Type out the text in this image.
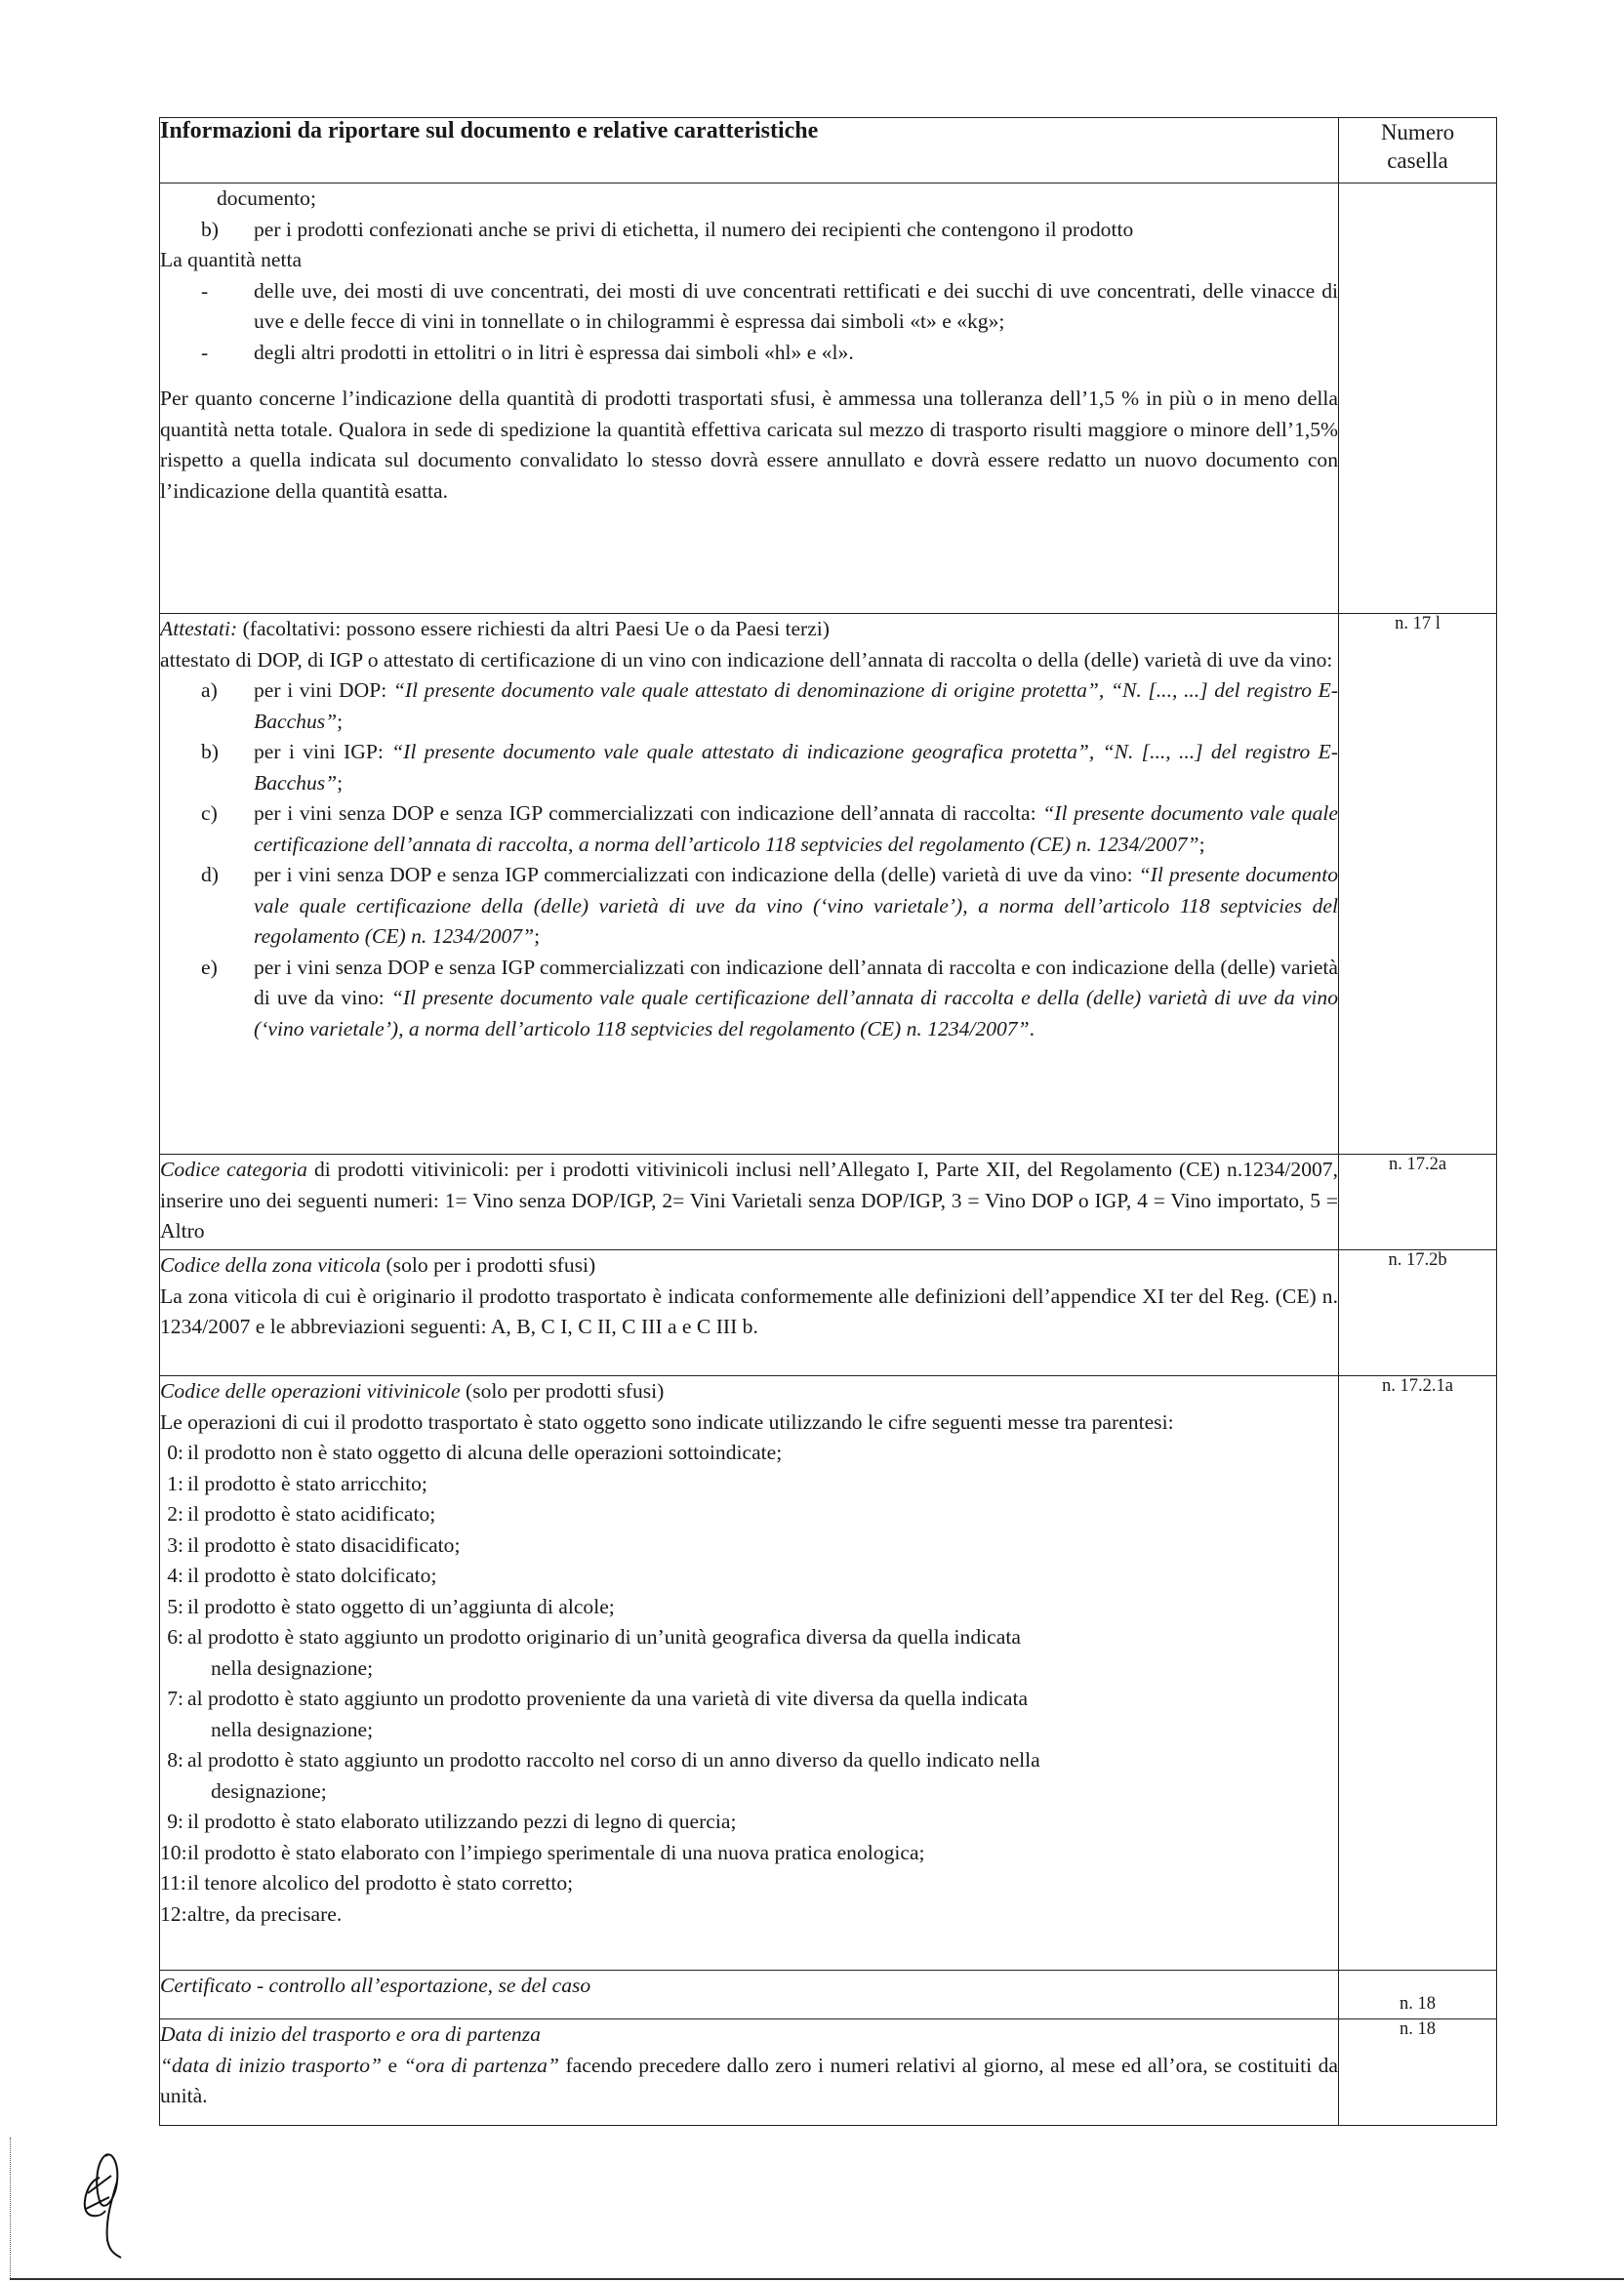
Informazioni da riportare sul documento e relative caratteristiche	Numero
casella

documento;
b)	per i prodotti confezionati anche se privi di etichetta, il numero dei recipienti che contengono il prodotto
La quantità netta
-	delle uve, dei mosti di uve concentrati, dei mosti di uve concentrati rettificati e dei succhi di uve concentrati, delle vinacce di uve e delle fecce di vini in tonnellate o in chilogrammi è espressa dai simboli «t» e «kg»;
-	degli altri prodotti in ettolitri o in litri è espressa dai simboli «hl» e «l».
Per quanto concerne l’indicazione della quantità di prodotti trasportati sfusi, è ammessa una tolleranza dell’1,5 % in più o in meno della quantità netta totale. Qualora in sede di spedizione la quantità effettiva caricata sul mezzo di trasporto risulti maggiore o minore dell’1,5% rispetto a quella indicata sul documento convalidato lo stesso dovrà essere annullato e dovrà essere redatto un nuovo documento con l’indicazione della quantità esatta.

Attestati: (facoltativi: possono essere richiesti da altri Paesi Ue o da Paesi terzi)
attestato di DOP, di IGP o attestato di certificazione di un vino con indicazione dell’annata di raccolta o della (delle) varietà di uve da vino:
a)	per i vini DOP: “Il presente documento vale quale attestato di denominazione di origine protetta”, “N. [..., ...] del registro E-Bacchus”;
b)	per i vini IGP: “Il presente documento vale quale attestato di indicazione geografica protetta”, “N. [..., ...] del registro E-Bacchus”;
c)	per i vini senza DOP e senza IGP commercializzati con indicazione dell’annata di raccolta: “Il presente documento vale quale certificazione dell’annata di raccolta, a norma dell’articolo 118 septvicies del regolamento (CE) n. 1234/2007”;
d)	per i vini senza DOP e senza IGP commercializzati con indicazione della (delle) varietà di uve da vino: “Il presente documento vale quale certificazione della (delle) varietà di uve da vino (‘vino varietale’), a norma dell’articolo 118 septvicies del regolamento (CE) n. 1234/2007”;
e)	per i vini senza DOP e senza IGP commercializzati con indicazione dell’annata di raccolta e con indicazione della (delle) varietà di uve da vino: “Il presente documento vale quale certificazione dell’annata di raccolta e della (delle) varietà di uve da vino (‘vino varietale’), a norma dell’articolo 118 septvicies del regolamento (CE) n. 1234/2007”.
	n. 17 l

Codice categoria di prodotti vitivinicoli: per i prodotti vitivinicoli inclusi nell’Allegato I, Parte XII, del Regolamento (CE) n.1234/2007, inserire uno dei seguenti numeri: 1= Vino senza DOP/IGP, 2= Vini Varietali senza DOP/IGP, 3 = Vino DOP o IGP, 4 = Vino importato, 5 = Altro	n. 17.2a

Codice della zona viticola (solo per i prodotti sfusi)
La zona viticola di cui è originario il prodotto trasportato è indicata conformemente alle definizioni dell’appendice XI ter del Reg. (CE) n. 1234/2007 e le abbreviazioni seguenti: A, B, C I, C II, C III a e C III b.	n. 17.2b

Codice delle operazioni vitivinicole (solo per prodotti sfusi)
Le operazioni di cui il prodotto trasportato è stato oggetto sono indicate utilizzando le cifre seguenti messe tra parentesi:
0: il prodotto non è stato oggetto di alcuna delle operazioni sottoindicate;
1: il prodotto è stato arricchito;
2: il prodotto è stato acidificato;
3: il prodotto è stato disacidificato;
4: il prodotto è stato dolcificato;
5: il prodotto è stato oggetto di un’aggiunta di alcole;
6: al prodotto è stato aggiunto un prodotto originario di un’unità geografica diversa da quella indicata
nella designazione;
7: al prodotto è stato aggiunto un prodotto proveniente da una varietà di vite diversa da quella indicata
nella designazione;
8: al prodotto è stato aggiunto un prodotto raccolto nel corso di un anno diverso da quello indicato nella
designazione;
9: il prodotto è stato elaborato utilizzando pezzi di legno di quercia;
10: il prodotto è stato elaborato con l’impiego sperimentale di una nuova pratica enologica;
11: il tenore alcolico del prodotto è stato corretto;
12: altre, da precisare.
	n. 17.2.1a
Certificato - controllo all’esportazione, se del caso	n. 18

Data di inizio del trasporto e ora di partenza
“data di inizio trasporto” e “ora di partenza” facendo precedere dallo zero i numeri relativi al giorno, al mese ed all’ora, se costituiti da unità.	n. 18
